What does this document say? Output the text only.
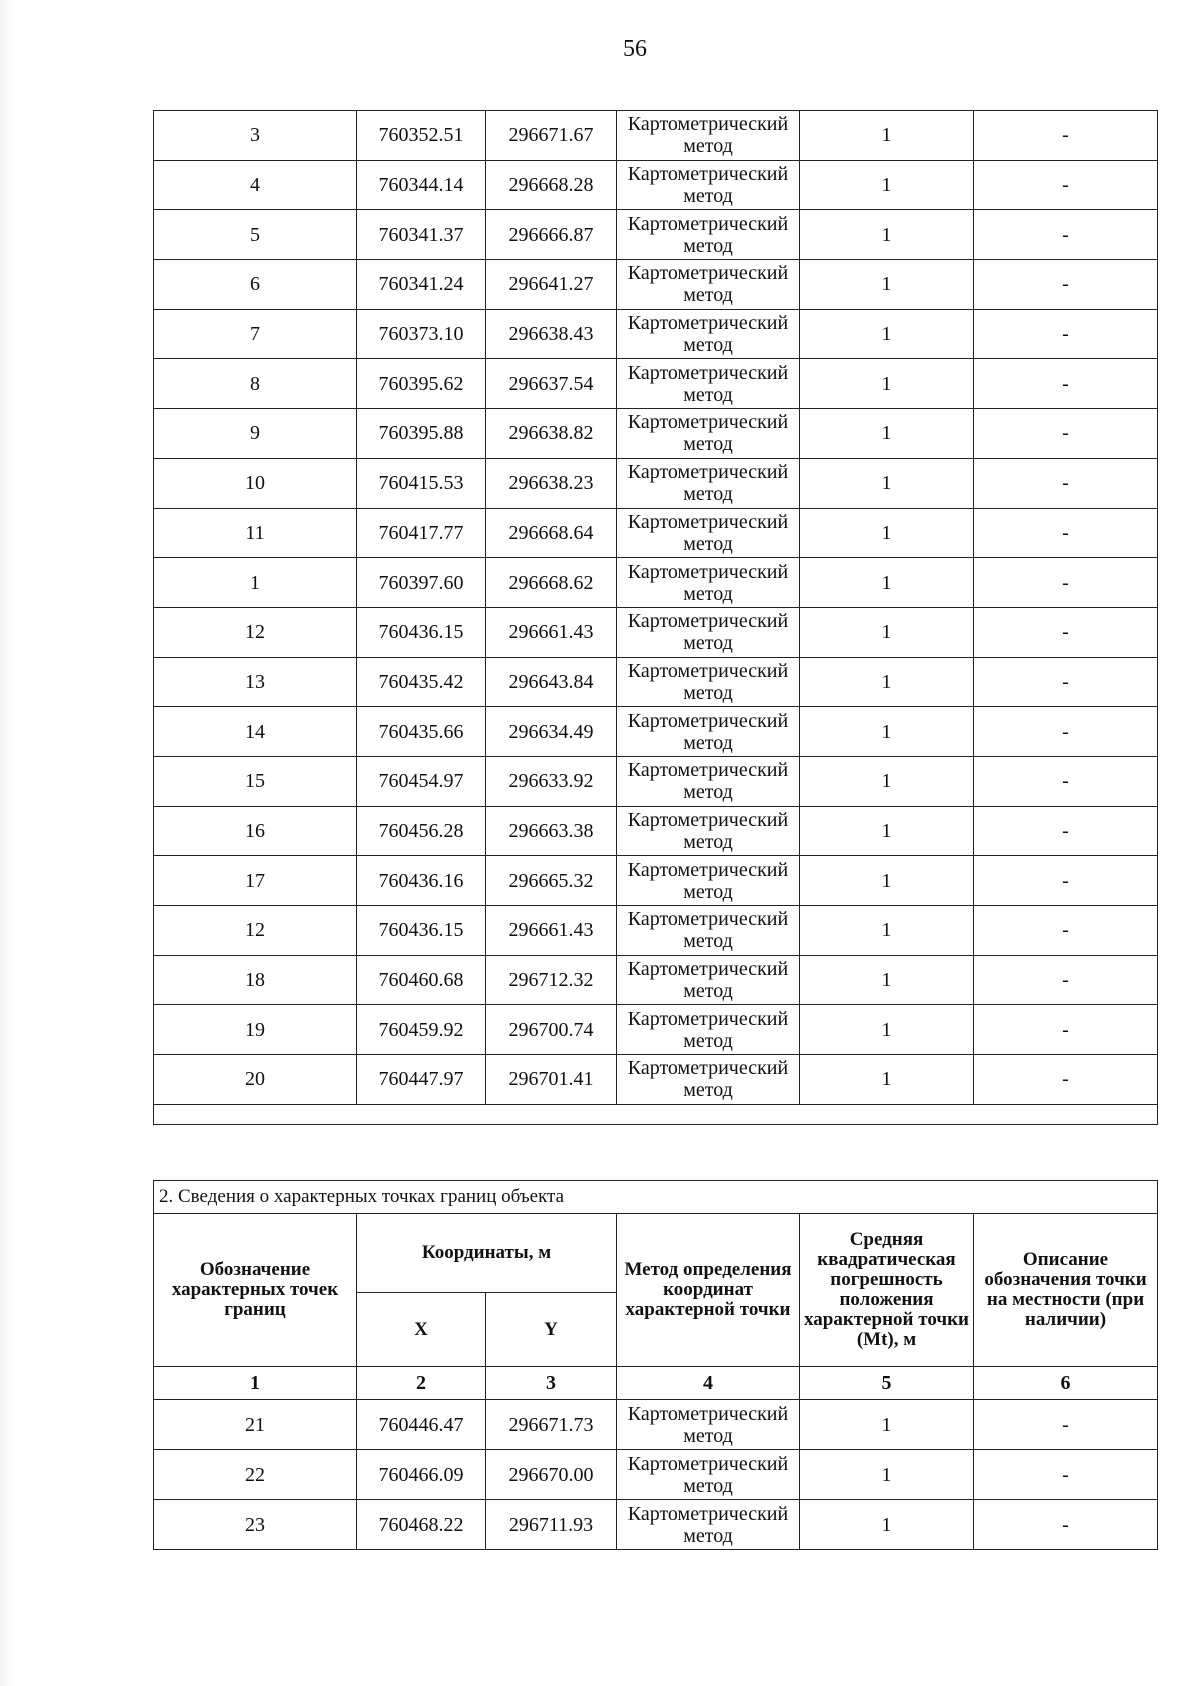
56
3	760352.51	296671.67	Картометрический метод	1	-
4	760344.14	296668.28	Картометрический метод	1	-
5	760341.37	296666.87	Картометрический метод	1	-
6	760341.24	296641.27	Картометрический метод	1	-
7	760373.10	296638.43	Картометрический метод	1	-
8	760395.62	296637.54	Картометрический метод	1	-
9	760395.88	296638.82	Картометрический метод	1	-
10	760415.53	296638.23	Картометрический метод	1	-
11	760417.77	296668.64	Картометрический метод	1	-
1	760397.60	296668.62	Картометрический метод	1	-
12	760436.15	296661.43	Картометрический метод	1	-
13	760435.42	296643.84	Картометрический метод	1	-
14	760435.66	296634.49	Картометрический метод	1	-
15	760454.97	296633.92	Картометрический метод	1	-
16	760456.28	296663.38	Картометрический метод	1	-
17	760436.16	296665.32	Картометрический метод	1	-
12	760436.15	296661.43	Картометрический метод	1	-
18	760460.68	296712.32	Картометрический метод	1	-
19	760459.92	296700.74	Картометрический метод	1	-
20	760447.97	296701.41	Картометрический метод	1	-

2. Сведения о характерных точках границ объекта					
Обозначение характерных точек границ	Координаты, м		Метод определения координат характерной точки	Средняя квадратическая погрешность положения характерной точки (Mt), м	Описание обозначения точки на местности (при наличии)
	X	Y			
1	2	3	4	5	6
21	760446.47	296671.73	Картометрический метод	1	-
22	760466.09	296670.00	Картометрический метод	1	-
23	760468.22	296711.93	Картометрический метод	1	-
